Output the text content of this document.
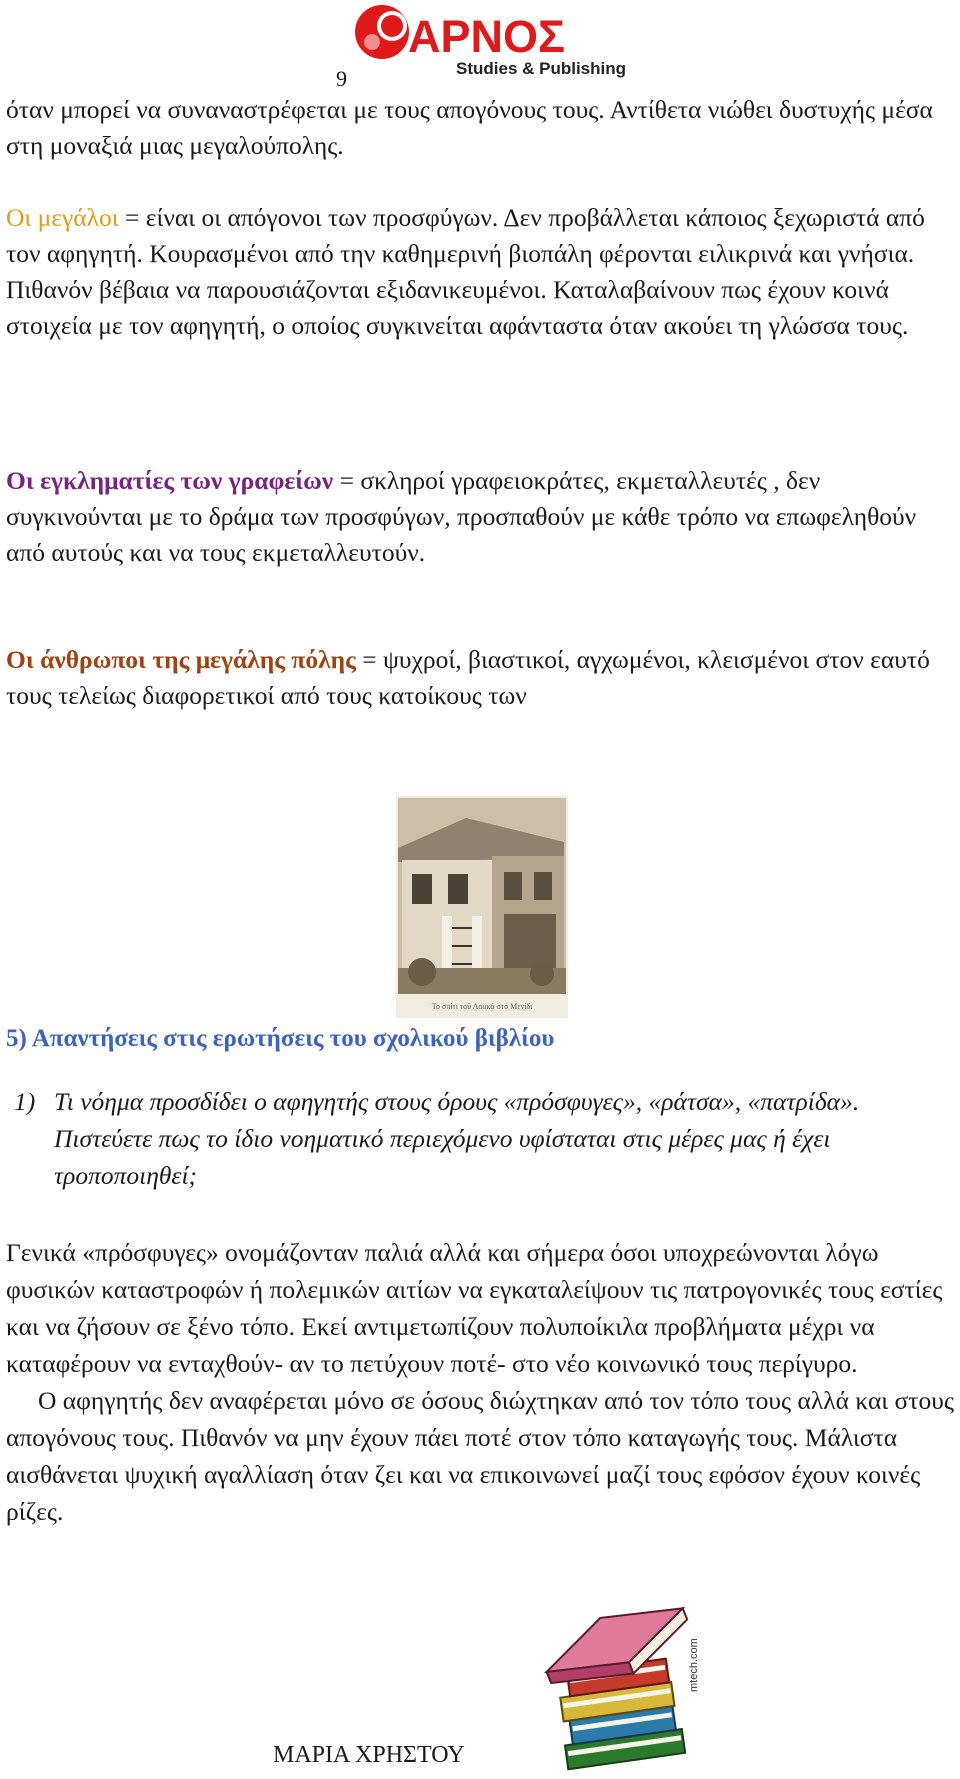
ΑΡΝΟΣ
Studies & Publishing
9

όταν μπορεί να συναναστρέφεται με τους απογόνους τους. Αντίθετα νιώθει δυστυχής μέσα στη μοναξιά μιας μεγαλούπολης.

Οι μεγάλοι = είναι οι απόγονοι των προσφύγων. Δεν προβάλλεται κάποιος ξεχωριστά από τον αφηγητή. Κουρασμένοι από την καθημερινή βιοπάλη φέρονται ειλικρινά και γνήσια. Πιθανόν βέβαια να παρουσιάζονται εξιδανικευμένοι. Καταλαβαίνουν πως έχουν κοινά στοιχεία με τον αφηγητή, ο οποίος συγκινείται αφάνταστα όταν ακούει τη γλώσσα τους.

Οι εγκληματίες των γραφείων = σκληροί γραφειοκράτες, εκμεταλλευτές , δεν συγκινούνται με το δράμα των προσφύγων, προσπαθούν με κάθε τρόπο να επωφεληθούν από αυτούς και να τους εκμεταλλευτούν.

Οι άνθρωποι της μεγάλης πόλης = ψυχροί, βιαστικοί, αγχωμένοι, κλεισμένοι στον εαυτό τους τελείως διαφορετικοί από τους κατοίκους των

Το σπίτι τοῦ Λουκᾶ στο Μενίδι
5) Απαντήσεις στις ερωτήσεις του σχολικού βιβλίου
1) Τι νόημα προσδίδει ο αφηγητής στους όρους «πρόσφυγες», «ράτσα», «πατρίδα». Πιστεύετε πως το ίδιο νοηματικό περιεχόμενο υφίσταται στις μέρες μας ή έχει τροποποιηθεί;

Γενικά «πρόσφυγες» ονομάζονταν παλιά αλλά και σήμερα όσοι υποχρεώνονται λόγω φυσικών καταστροφών ή πολεμικών αιτίων να εγκαταλείψουν τις πατρογονικές τους εστίες και να ζήσουν σε ξένο τόπο. Εκεί αντιμετωπίζουν πολυποίκιλα προβλήματα μέχρι να καταφέρουν να ενταχθούν- αν το πετύχουν ποτέ- στο νέο κοινωνικό τους περίγυρο.

Ο αφηγητής δεν αναφέρεται μόνο σε όσους διώχτηκαν από τον τόπο τους αλλά και στους απογόνους τους. Πιθανόν να μην έχουν πάει ποτέ στον τόπο καταγωγής τους. Μάλιστα αισθάνεται ψυχική αγαλλίαση όταν ζει και να επικοινωνεί μαζί τους εφόσον έχουν κοινές ρίζες.

mtech.com
ΜΑΡΙΑ ΧΡΗΣΤΟΥ
